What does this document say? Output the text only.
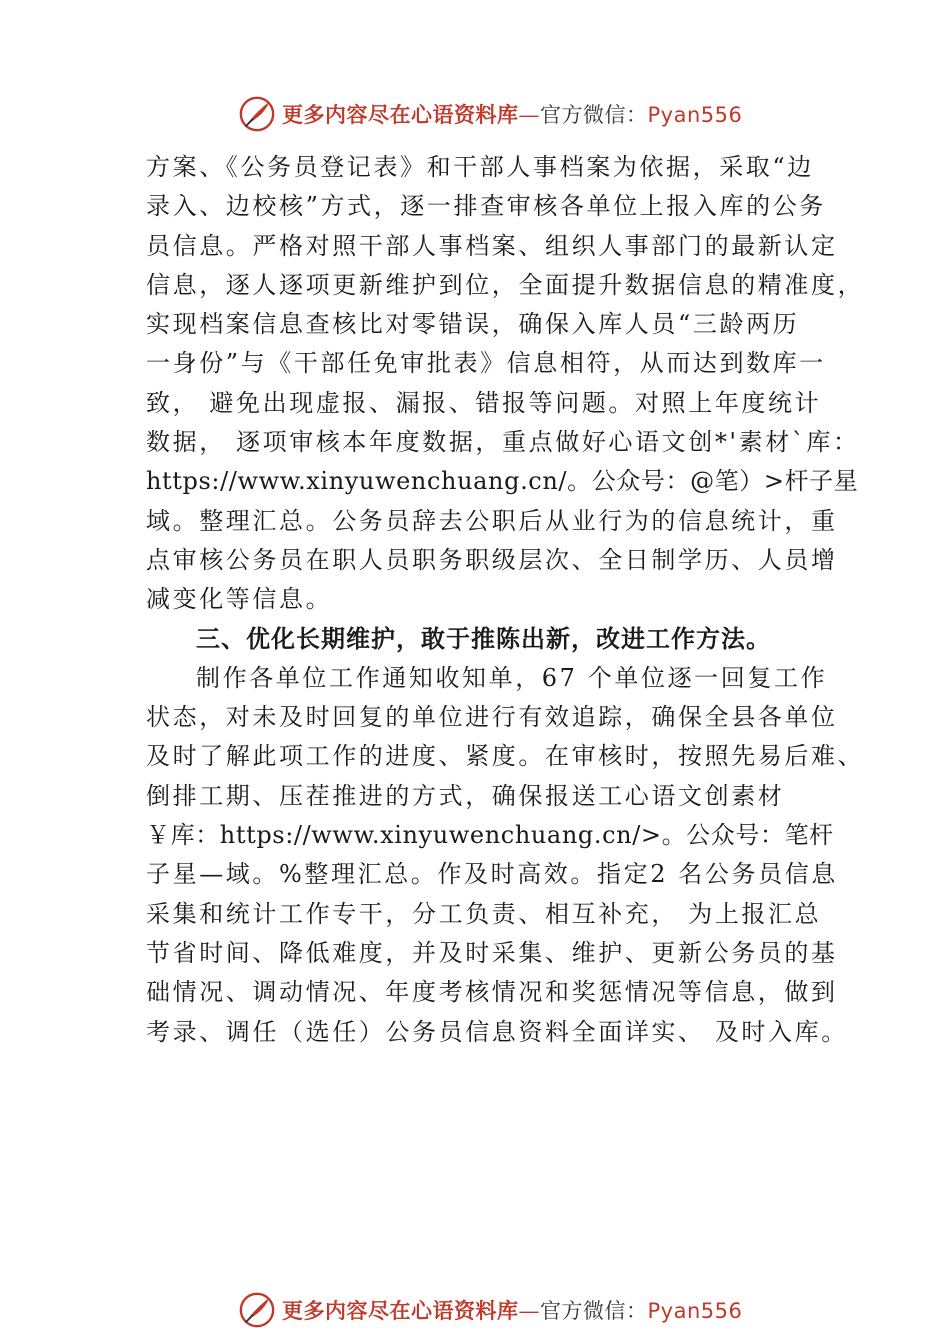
更多内容尽在心语资料库—官方微信：Pyan556
方案、《公务员登记表》和干部人事档案为依据，采取“边
录入、边校核”方式，逐一排查审核各单位上报入库的公务
员信息。严格对照干部人事档案、组织人事部门的最新认定
信息，逐人逐项更新维护到位，全面提升数据信息的精准度，
实现档案信息查核比对零错误，确保入库人员“三龄两历
一身份”与《干部任免审批表》信息相符，从而达到数库一
致， 避免出现虚报、漏报、错报等问题。对照上年度统计
数据， 逐项审核本年度数据，重点做好心语文创*'素材`库：
https://www.xinyuwenchuang.cn/。公众号：@笔）>杆子星
域。整理汇总。公务员辞去公职后从业行为的信息统计，重
点审核公务员在职人员职务职级层次、全日制学历、人员增
减变化等信息。
三、优化长期维护，敢于推陈出新，改进工作方法。
制作各单位工作通知收知单，67 个单位逐一回复工作
状态，对未及时回复的单位进行有效追踪，确保全县各单位
及时了解此项工作的进度、紧度。在审核时，按照先易后难、
倒排工期、压茬推进的方式，确保报送工心语文创素材
￥库：https://www.xinyuwenchuang.cn/>。公众号：笔杆
子星—域。%整理汇总。作及时高效。指定2 名公务员信息
采集和统计工作专干，分工负责、相互补充， 为上报汇总
节省时间、降低难度，并及时采集、维护、更新公务员的基
础情况、调动情况、年度考核情况和奖惩情况等信息，做到
考录、调任（选任）公务员信息资料全面详实、 及时入库。
更多内容尽在心语资料库—官方微信：Pyan556
